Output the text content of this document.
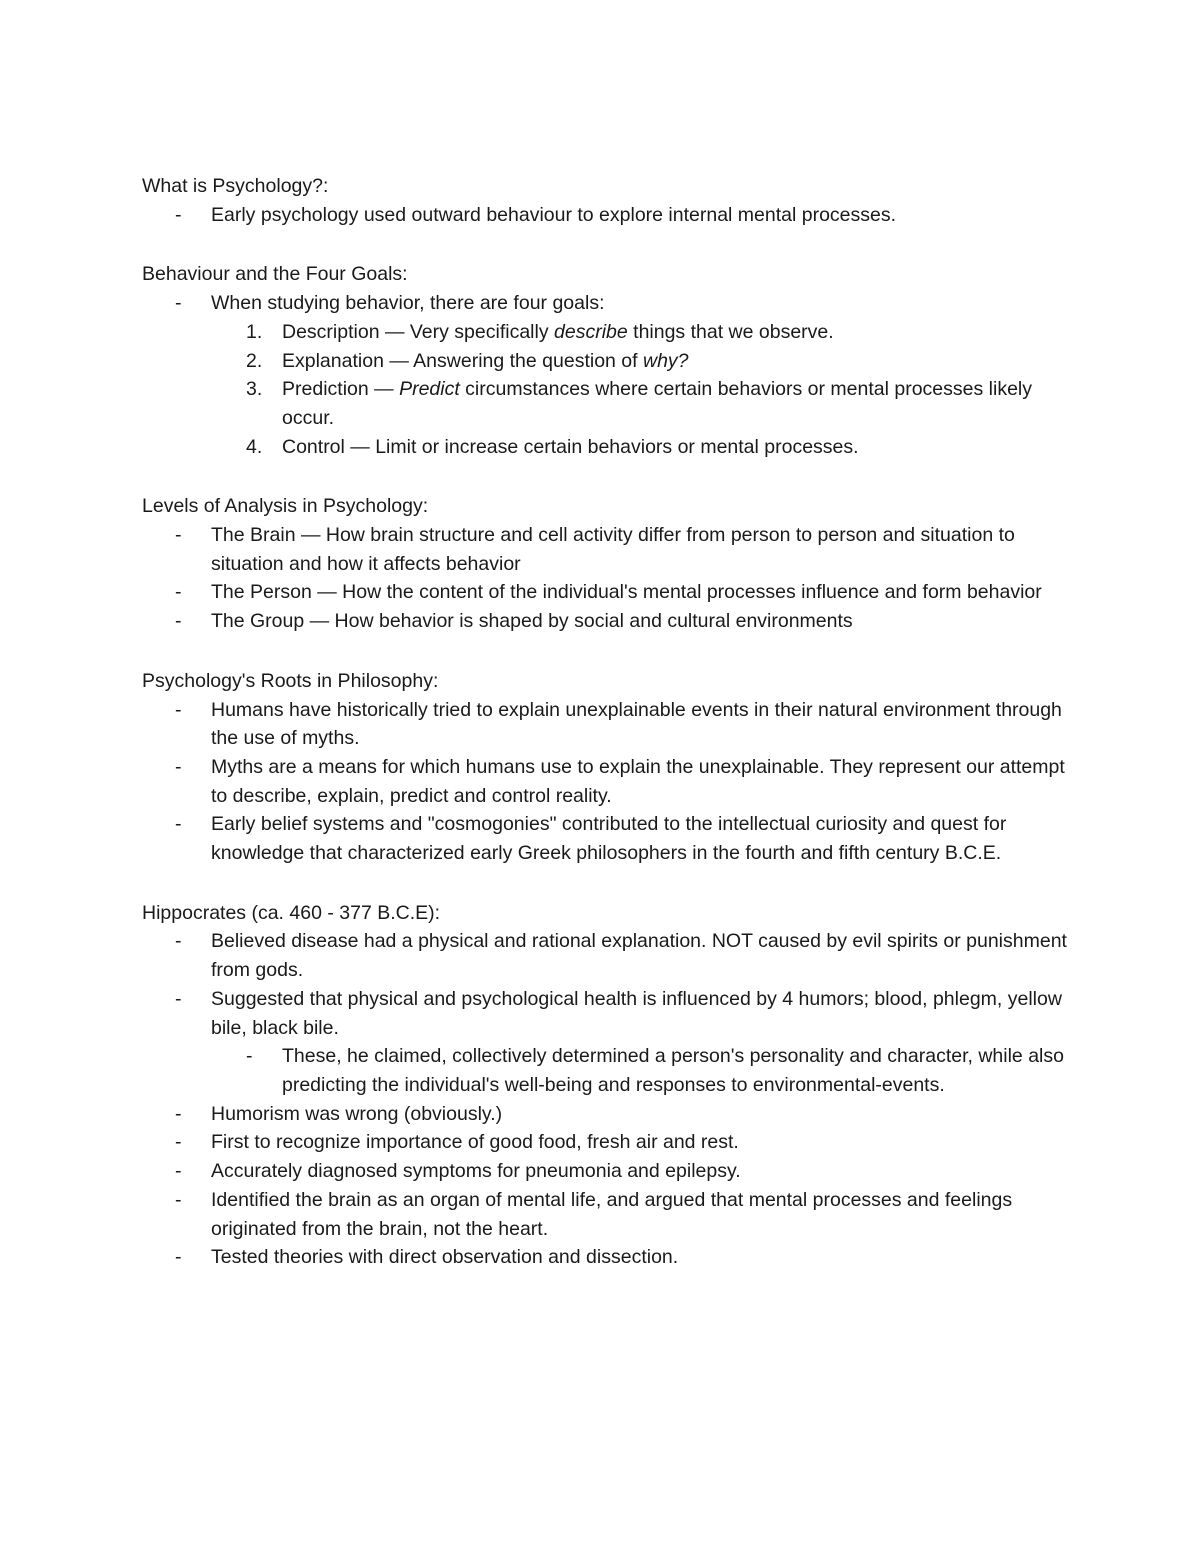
What is Psychology?:

- Early psychology used outward behaviour to explore internal mental processes.

Behaviour and the Four Goals:

- When studying behavior, there are four goals:
1. Description — Very specifically describe things that we observe.
2. Explanation — Answering the question of why?
3. Prediction — Predict circumstances where certain behaviors or mental processes likely occur.
4. Control — Limit or increase certain behaviors or mental processes.

Levels of Analysis in Psychology:

- The Brain — How brain structure and cell activity differ from person to person and situation to situation and how it affects behavior
- The Person — How the content of the individual's mental processes influence and form behavior
- The Group — How behavior is shaped by social and cultural environments

Psychology's Roots in Philosophy:

- Humans have historically tried to explain unexplainable events in their natural environment through the use of myths.
- Myths are a means for which humans use to explain the unexplainable. They represent our attempt to describe, explain, predict and control reality.
- Early belief systems and "cosmogonies" contributed to the intellectual curiosity and quest for knowledge that characterized early Greek philosophers in the fourth and fifth century B.C.E.

Hippocrates (ca. 460 - 377 B.C.E):

- Believed disease had a physical and rational explanation. NOT caused by evil spirits or punishment from gods.
- Suggested that physical and psychological health is influenced by 4 humors; blood, phlegm, yellow bile, black bile.
- These, he claimed, collectively determined a person's personality and character, while also predicting the individual's well-being and responses to environmental-events.
- Humorism was wrong (obviously.)
- First to recognize importance of good food, fresh air and rest.
- Accurately diagnosed symptoms for pneumonia and epilepsy.
- Identified the brain as an organ of mental life, and argued that mental processes and feelings originated from the brain, not the heart.
- Tested theories with direct observation and dissection.
